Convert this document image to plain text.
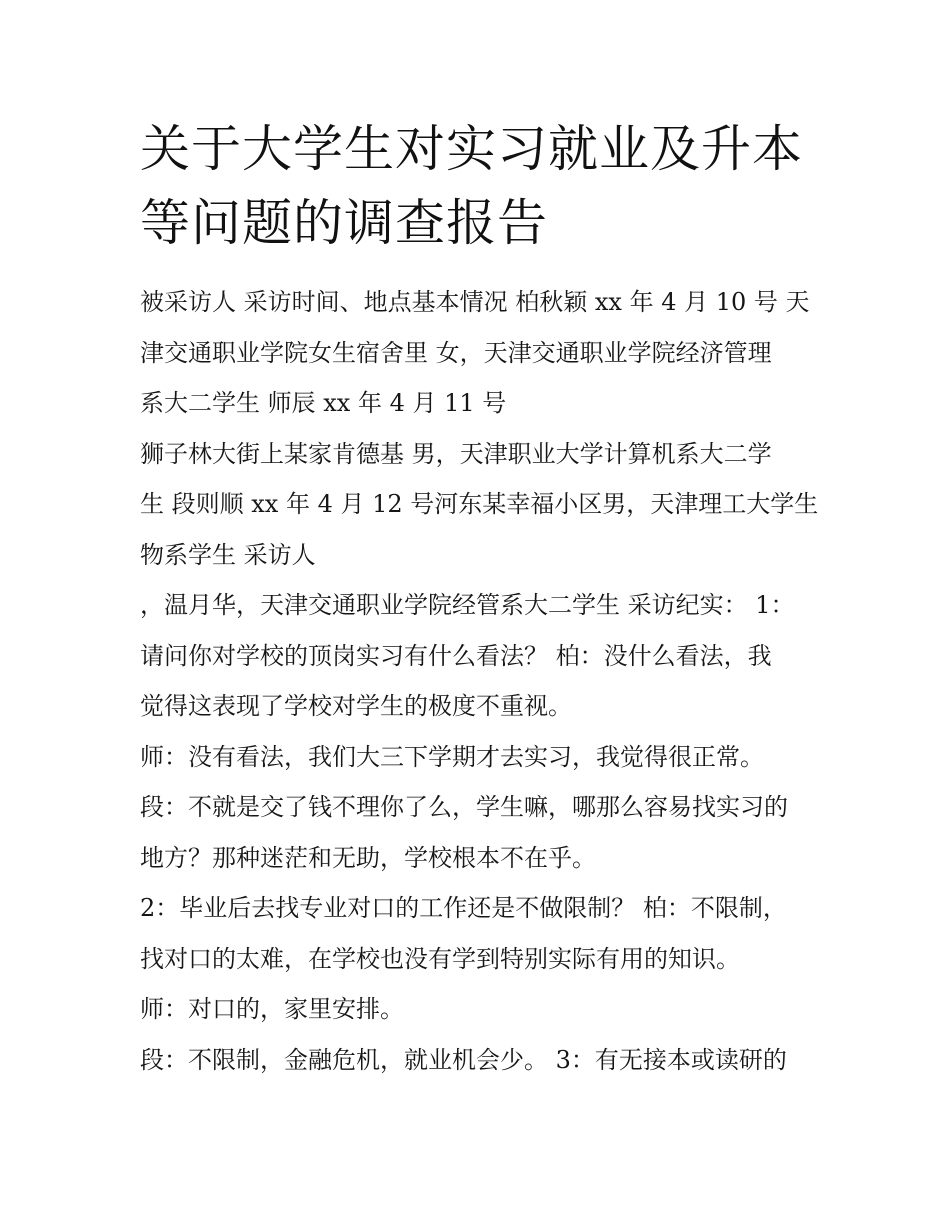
关于大学生对实习就业及升本
等问题的调查报告

被采访人 采访时间、地点基本情况 柏秋颖 xx 年 4 月 10 号 天

津交通职业学院女生宿舍里 女，天津交通职业学院经济管理

系大二学生 师辰 xx 年 4 月 11 号

狮子林大街上某家肯德基 男，天津职业大学计算机系大二学

生 段则顺 xx 年 4 月 12 号河东某幸福小区男，天津理工大学生

物系学生 采访人

，温月华，天津交通职业学院经管系大二学生 采访纪实： 1：

请问你对学校的顶岗实习有什么看法？ 柏：没什么看法，我

觉得这表现了学校对学生的极度不重视。

师：没有看法，我们大三下学期才去实习，我觉得很正常。

段：不就是交了钱不理你了么，学生嘛，哪那么容易找实习的

地方？那种迷茫和无助，学校根本不在乎。

2：毕业后去找专业对口的工作还是不做限制？ 柏：不限制，

找对口的太难，在学校也没有学到特别实际有用的知识。

师：对口的，家里安排。

段：不限制，金融危机，就业机会少。 3：有无接本或读研的
